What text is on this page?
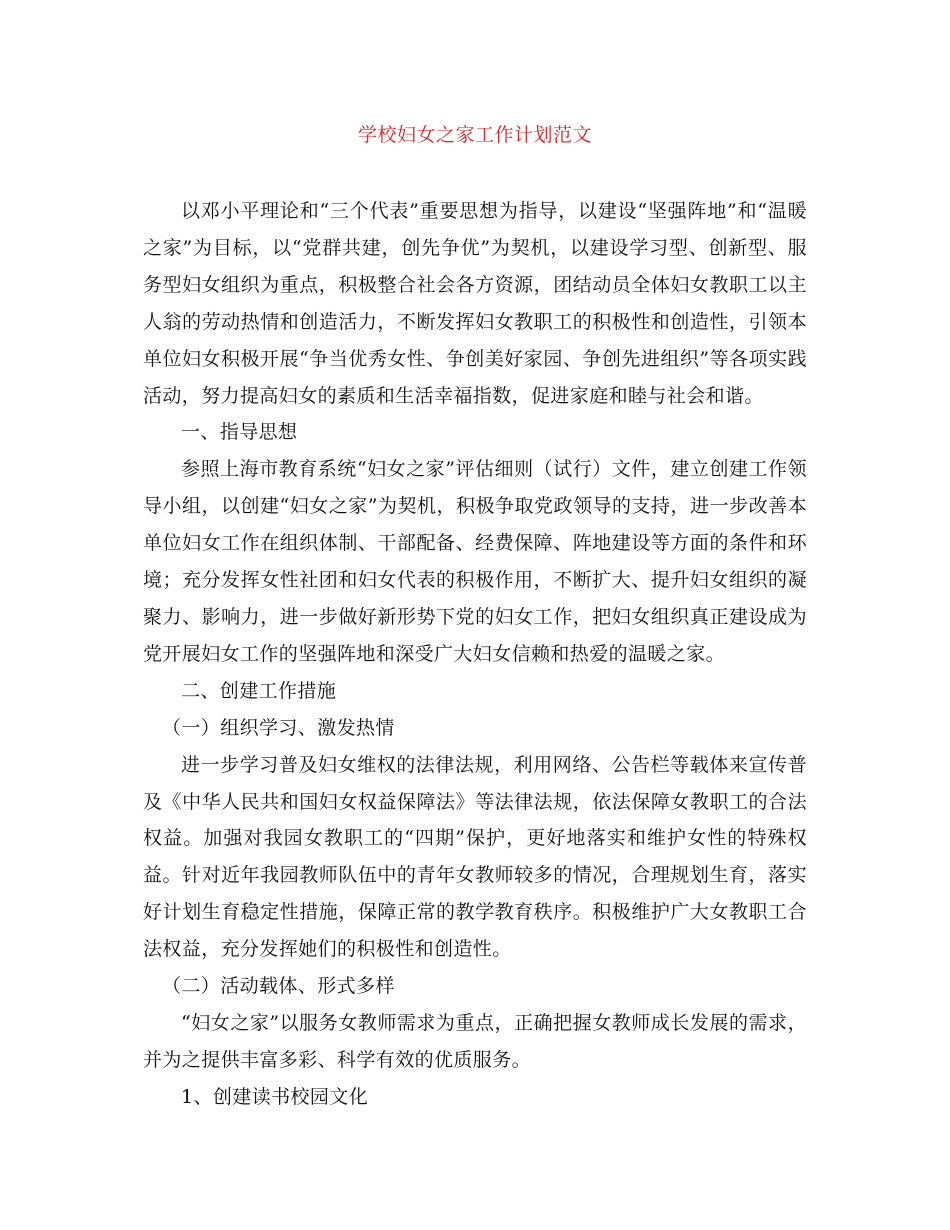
学校妇女之家工作计划范文

以邓小平理论和“三个代表”重要思想为指导，以建设“坚强阵地”和“温暖之家”为目标，以“党群共建，创先争优”为契机，以建设学习型、创新型、服务型妇女组织为重点，积极整合社会各方资源，团结动员全体妇女教职工以主人翁的劳动热情和创造活力，不断发挥妇女教职工的积极性和创造性，引领本单位妇女积极开展“争当优秀女性、争创美好家园、争创先进组织”等各项实践活动，努力提高妇女的素质和生活幸福指数，促进家庭和睦与社会和谐。

一、指导思想

参照上海市教育系统“妇女之家”评估细则（试行）文件，建立创建工作领导小组，以创建“妇女之家”为契机，积极争取党政领导的支持，进一步改善本单位妇女工作在组织体制、干部配备、经费保障、阵地建设等方面的条件和环境；充分发挥女性社团和妇女代表的积极作用，不断扩大、提升妇女组织的凝聚力、影响力，进一步做好新形势下党的妇女工作，把妇女组织真正建设成为党开展妇女工作的坚强阵地和深受广大妇女信赖和热爱的温暖之家。

二、创建工作措施

（一）组织学习、激发热情

进一步学习普及妇女维权的法律法规，利用网络、公告栏等载体来宣传普及《中华人民共和国妇女权益保障法》等法律法规，依法保障女教职工的合法权益。加强对我园女教职工的“四期”保护，更好地落实和维护女性的特殊权益。针对近年我园教师队伍中的青年女教师较多的情况，合理规划生育，落实好计划生育稳定性措施，保障正常的教学教育秩序。积极维护广大女教职工合法权益，充分发挥她们的积极性和创造性。

（二）活动载体、形式多样

“妇女之家”以服务女教师需求为重点，正确把握女教师成长发展的需求，并为之提供丰富多彩、科学有效的优质服务。

1、创建读书校园文化
